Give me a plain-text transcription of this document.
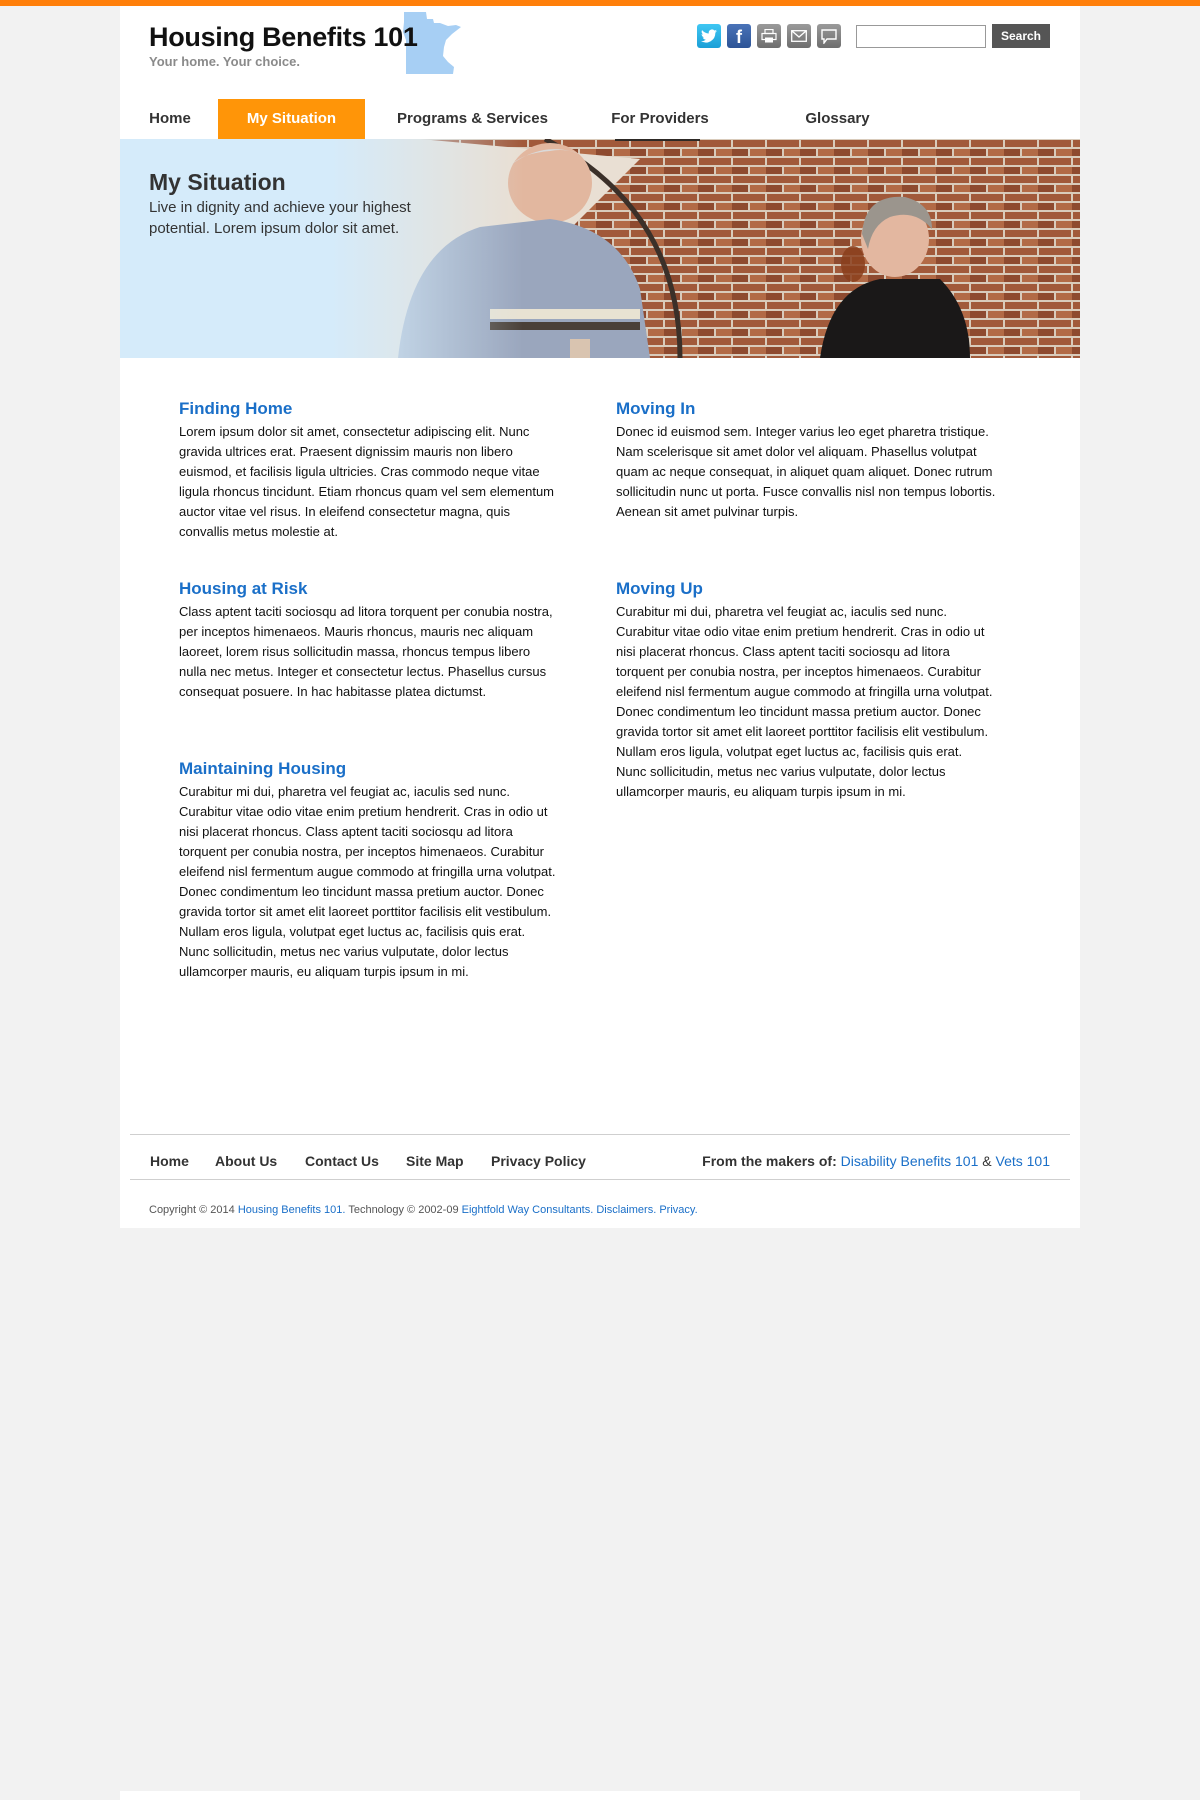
Housing Benefits 101
Your home. Your choice.
f	Search
Home	My Situation	Programs & Services	For Providers	Glossary
My Situation
Live in dignity and achieve your highest potential. Lorem ipsum dolor sit amet.
Finding Home

Lorem ipsum dolor sit amet, consectetur adipiscing elit. Nunc gravida ultrices erat. Praesent dignissim mauris non libero euismod, et facilisis ligula ultricies. Cras commodo neque vitae ligula rhoncus tincidunt. Etiam rhoncus quam vel sem elementum auctor vitae vel risus. In eleifend consectetur magna, quis convallis metus molestie at.

Moving In

Donec id euismod sem. Integer varius leo eget pharetra tristique. Nam scelerisque sit amet dolor vel aliquam. Phasellus volutpat quam ac neque consequat, in aliquet quam aliquet. Donec rutrum sollicitudin nunc ut porta. Fusce convallis nisl non tempus lobortis. Aenean sit amet pulvinar turpis.

Housing at Risk

Class aptent taciti sociosqu ad litora torquent per conubia nostra, per inceptos himenaeos. Mauris rhoncus, mauris nec aliquam laoreet, lorem risus sollicitudin massa, rhoncus tempus libero nulla nec metus. Integer et consectetur lectus. Phasellus cursus consequat posuere. In hac habitasse platea dictumst.

Moving Up

Curabitur mi dui, pharetra vel feugiat ac, iaculis sed nunc. Curabitur vitae odio vitae enim pretium hendrerit. Cras in odio ut nisi placerat rhoncus. Class aptent taciti sociosqu ad litora torquent per conubia nostra, per inceptos himenaeos. Curabitur eleifend nisl fermentum augue commodo at fringilla urna volutpat.

Donec condimentum leo tincidunt massa pretium auctor. Donec gravida tortor sit amet elit laoreet porttitor facilisis elit vestibulum. Nullam eros ligula, volutpat eget luctus ac, facilisis quis erat. Nunc sollicitudin, metus nec varius vulputate, dolor lectus ullamcorper mauris, eu aliquam turpis ipsum in mi.

Maintaining Housing

Curabitur mi dui, pharetra vel feugiat ac, iaculis sed nunc. Curabitur vitae odio vitae enim pretium hendrerit. Cras in odio ut nisi placerat rhoncus. Class aptent taciti sociosqu ad litora torquent per conubia nostra, per inceptos himenaeos. Curabitur eleifend nisl fermentum augue commodo at fringilla urna volutpat.

Donec condimentum leo tincidunt massa pretium auctor. Donec gravida tortor sit amet elit laoreet porttitor facilisis elit vestibulum. Nullam eros ligula, volutpat eget luctus ac, facilisis quis erat. Nunc sollicitudin, metus nec varius vulputate, dolor lectus ullamcorper mauris, eu aliquam turpis ipsum in mi.

Home About Us Contact Us Site Map Privacy Policy	From the makers of: Disability Benefits 101 & Vets 101
Copyright © 2014 Housing Benefits 101. Technology © 2002-09 Eightfold Way Consultants. Disclaimers. Privacy.
